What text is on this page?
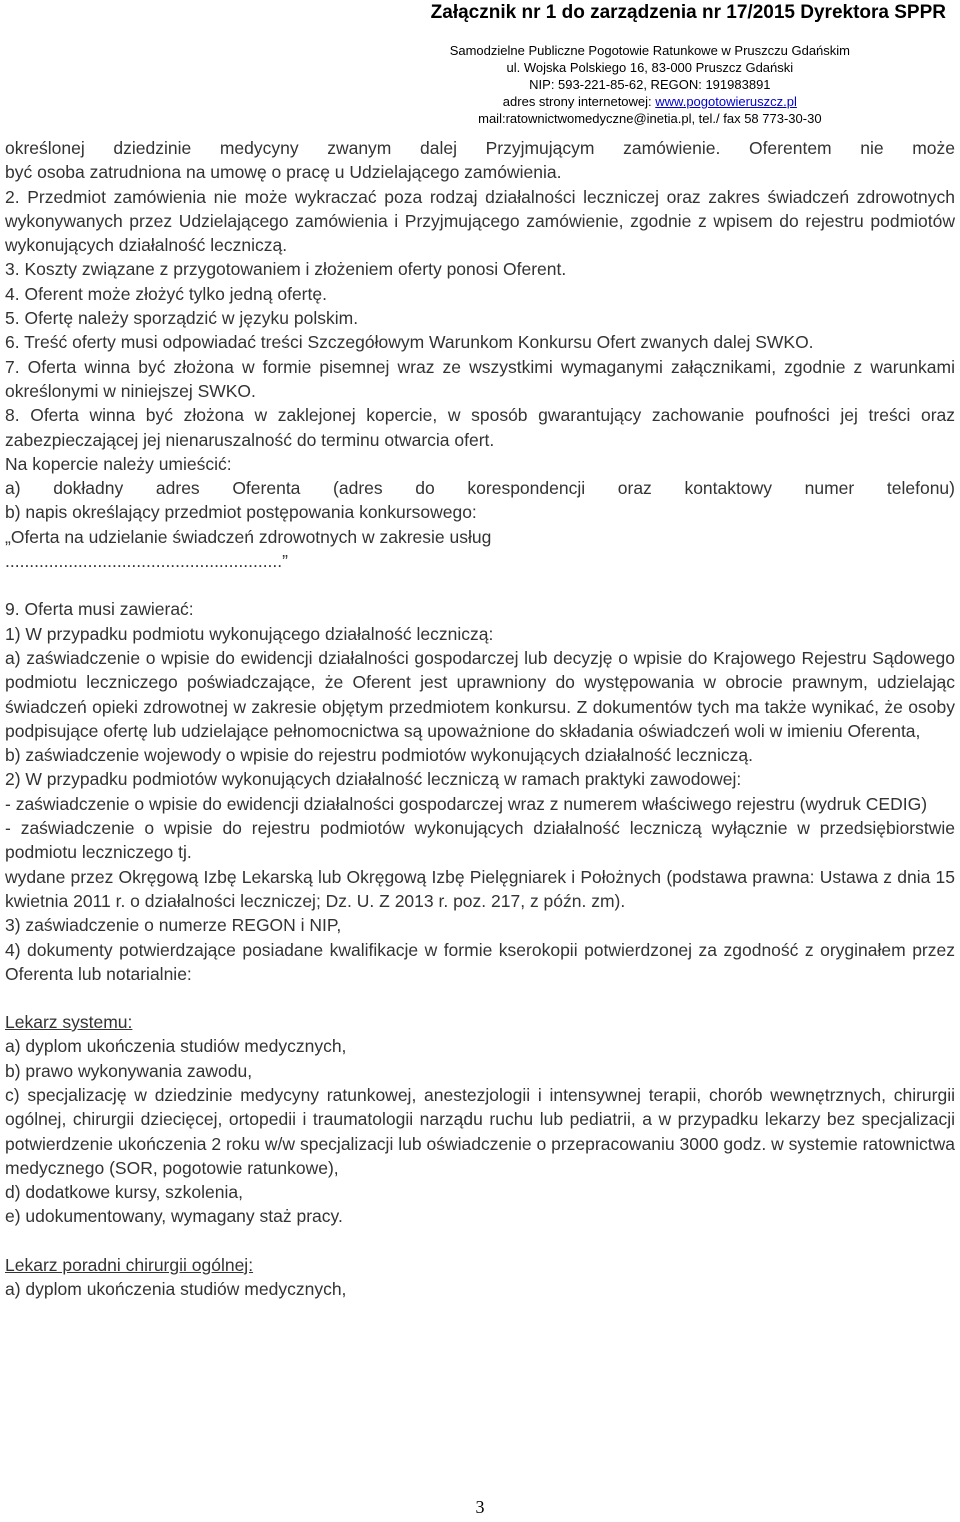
Załącznik nr 1 do zarządzenia nr 17/2015 Dyrektora SPPR
Samodzielne Publiczne Pogotowie Ratunkowe w Pruszczu Gdańskim
ul. Wojska Polskiego 16, 83-000 Pruszcz Gdański
NIP: 593-221-85-62, REGON: 191983891
adres strony internetowej: www.pogotowieruszcz.pl
mail:ratownictwomedyczne@inetia.pl, tel./ fax 58 773-30-30

określonej dziedzinie medycyny zwanym dalej Przyjmującym zamówienie. Oferentem nie może

być osoba zatrudniona na umowę o pracę u Udzielającego zamówienia.

2. Przedmiot zamówienia nie może wykraczać poza rodzaj działalności leczniczej oraz zakres świadczeń zdrowotnych wykonywanych przez Udzielającego zamówienia i Przyjmującego zamówienie, zgodnie z wpisem do rejestru podmiotów wykonujących działalność leczniczą.

3. Koszty związane z przygotowaniem i złożeniem oferty ponosi Oferent.

4. Oferent może złożyć tylko jedną ofertę.

5. Ofertę należy sporządzić w języku polskim.

6. Treść oferty musi odpowiadać treści Szczegółowym Warunkom Konkursu Ofert zwanych dalej SWKO.

7. Oferta winna być złożona w formie pisemnej wraz ze wszystkimi wymaganymi załącznikami, zgodnie z warunkami określonymi w niniejszej SWKO.

8. Oferta winna być złożona w zaklejonej kopercie, w sposób gwarantujący zachowanie poufności jej treści oraz zabezpieczającej jej nienaruszalność do terminu otwarcia ofert.

Na kopercie należy umieścić:

a) dokładny adres Oferenta (adres do korespondencji oraz kontaktowy numer telefonu)

b) napis określający przedmiot postępowania konkursowego:

„Oferta na udzielanie świadczeń zdrowotnych w zakresie usług

.........................................................”

9. Oferta musi zawierać:

1) W przypadku podmiotu wykonującego działalność leczniczą:

a) zaświadczenie o wpisie do ewidencji działalności gospodarczej lub decyzję o wpisie do Krajowego Rejestru Sądowego podmiotu leczniczego poświadczające, że Oferent jest uprawniony do występowania w obrocie prawnym, udzielając świadczeń opieki zdrowotnej w zakresie objętym przedmiotem konkursu. Z dokumentów tych ma także wynikać, że osoby podpisujące ofertę lub udzielające pełnomocnictwa są upoważnione do składania oświadczeń woli w imieniu Oferenta,

b) zaświadczenie wojewody o wpisie do rejestru podmiotów wykonujących działalność leczniczą.

2) W przypadku podmiotów wykonujących działalność leczniczą w ramach praktyki zawodowej:

- zaświadczenie o wpisie do ewidencji działalności gospodarczej wraz z numerem właściwego rejestru (wydruk CEDIG)

- zaświadczenie o wpisie do rejestru podmiotów wykonujących działalność leczniczą wyłącznie w przedsiębiorstwie podmiotu leczniczego tj.

wydane przez Okręgową Izbę Lekarską lub Okręgową Izbę Pielęgniarek i Położnych (podstawa prawna: Ustawa z dnia 15 kwietnia 2011 r. o działalności leczniczej; Dz. U. Z 2013 r. poz. 217, z późn. zm).

3) zaświadczenie o numerze REGON i NIP,

4) dokumenty potwierdzające posiadane kwalifikacje w formie kserokopii potwierdzonej za zgodność z oryginałem przez Oferenta lub notarialnie:

Lekarz systemu:

a) dyplom ukończenia studiów medycznych,

b) prawo wykonywania zawodu,

c) specjalizację w dziedzinie medycyny ratunkowej, anestezjologii i intensywnej terapii, chorób wewnętrznych, chirurgii ogólnej, chirurgii dziecięcej, ortopedii i traumatologii narządu ruchu lub pediatrii, a w przypadku lekarzy bez specjalizacji potwierdzenie ukończenia 2 roku w/w specjalizacji lub oświadczenie o przepracowaniu 3000 godz. w systemie ratownictwa medycznego (SOR, pogotowie ratunkowe),

d) dodatkowe kursy, szkolenia,

e) udokumentowany, wymagany staż pracy.

Lekarz poradni chirurgii ogólnej:

a) dyplom ukończenia studiów medycznych,

3
